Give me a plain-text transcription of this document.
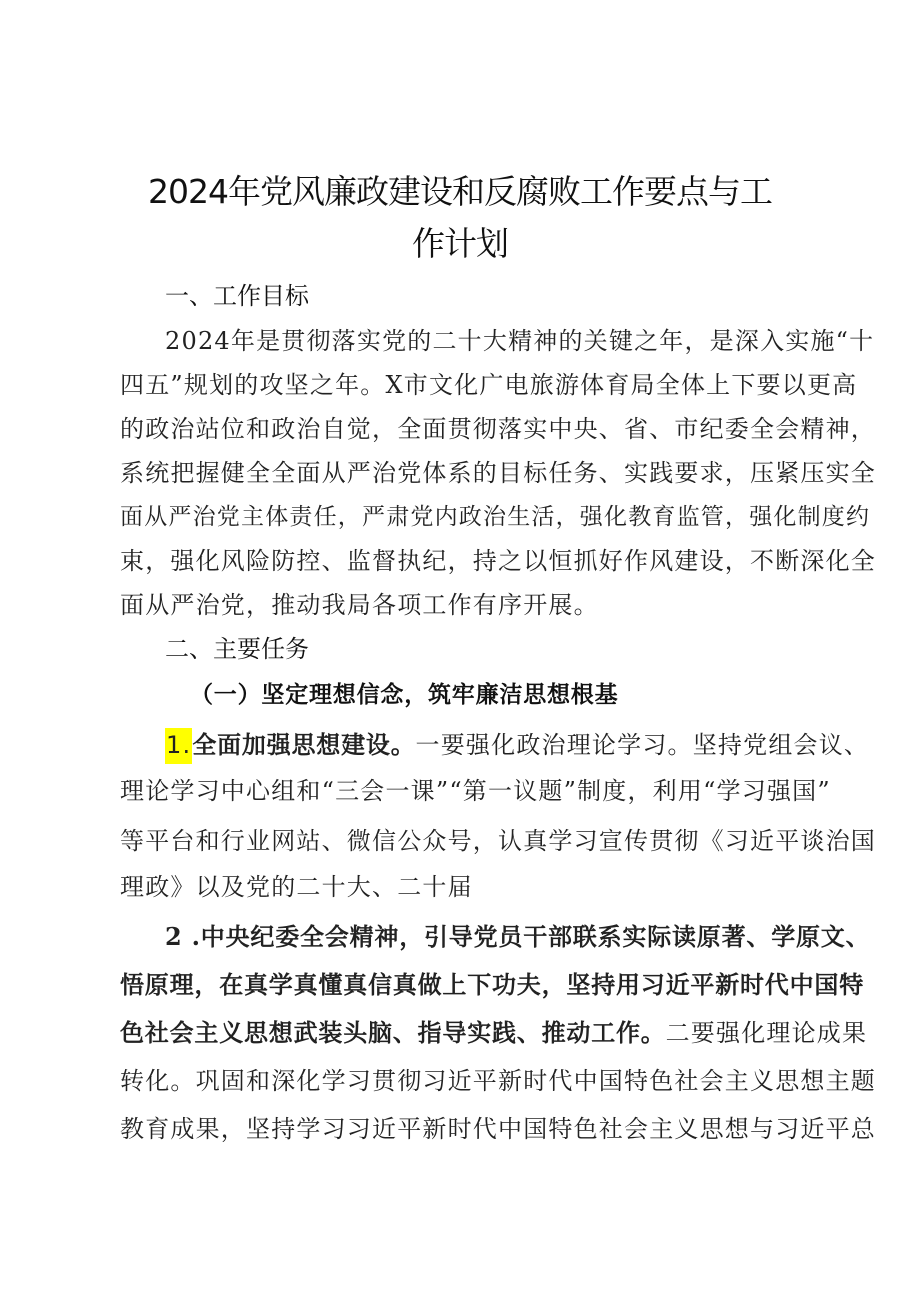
2024年党风廉政建设和反腐败工作要点与工
作计划
一、工作目标
2024年是贯彻落实党的二十大精神的关键之年，是深入实施“十
四五”规划的攻坚之年。X市文化广电旅游体育局全体上下要以更高
的政治站位和政治自觉，全面贯彻落实中央、省、市纪委全会精神，
系统把握健全全面从严治党体系的目标任务、实践要求，压紧压实全
面从严治党主体责任，严肃党内政治生活，强化教育监管，强化制度约
束，强化风险防控、监督执纪，持之以恒抓好作风建设，不断深化全
面从严治党，推动我局各项工作有序开展。
二、主要任务
（一）坚定理想信念，筑牢廉洁思想根基
1.全面加强思想建设。一要强化政治理论学习。坚持党组会议、
理论学习中心组和“三会一课”“第一议题”制度，利用“学习强国”
等平台和行业网站、微信公众号，认真学习宣传贯彻《习近平谈治国
理政》以及党的二十大、二十届
2 .中央纪委全会精神，引导党员干部联系实际读原著、学原文、
悟原理，在真学真懂真信真做上下功夫，坚持用习近平新时代中国特
色社会主义思想武装头脑、指导实践、推动工作。二要强化理论成果
转化。巩固和深化学习贯彻习近平新时代中国特色社会主义思想主题
教育成果，坚持学习习近平新时代中国特色社会主义思想与习近平总
